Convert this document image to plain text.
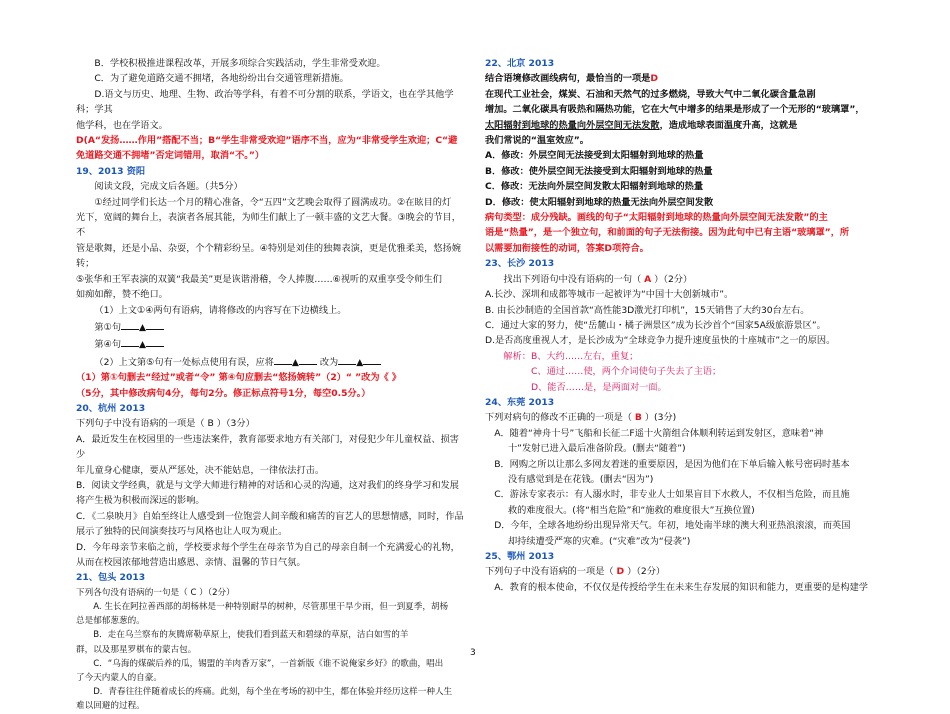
B．学校积极推进课程改革，开展多项综合实践活动，学生非常受欢迎。

C．为了避免道路交通不拥堵，各地纷纷出台交通管理新措施。

D.语文与历史、地理、生物、政治等学科，有着不可分割的联系，学语文，也在学其他学科；学其

他学科，也在学语文。

D(A“发扬……作用”搭配不当；B“学生非常受欢迎”语序不当，应为“非常受学生欢迎；C“避

免道路交通不拥堵”否定词错用，取消“不。”）

19、2013 资阳

阅读文段，完成文后各题。（共5分）

①经过同学们长达一个月的精心准备，令“五四”文艺晚会取得了圆满成功。②在眩目的灯

光下，宽阔的舞台上，表演者各展其能，为师生们献上了一顿丰盛的文艺大餐。③晚会的节目，不

管是歌舞，还是小品、杂耍，个个精彩纷呈。④特别是刘佳的独舞表演，更是优雅柔美，悠扬婉转；

⑤张华和王军表演的双簧“我最美”更是诙谐滑稽，令人捧腹……⑥视听的双重享受令师生们

如痴如醉，赞不绝口。

（1）上文①④两句有语病，请将修改的内容写在下边横线上。

第①句 ▲

第④句 ▲

（2）上文第⑤句有一处标点使用有误，应将 ▲ 改为 ▲

（1）第①句删去“经过”或者“令” 第④句应删去“悠扬婉转”（2）“ ”改为《 》

（5分，其中修改病句4分，每句2分。修正标点符号1分，每空0.5分。）

20、杭州 2013

下列句子中没有语病的一项是（ B ）（3分）

A．最近发生在校园里的一些违法案件，教育部要求地方有关部门，对侵犯少年儿童权益、损害少

年儿童身心健康，要从严惩处，决不能姑息，一律依法打击。

B．阅读文学经典，就是与文学大师进行精神的对话和心灵的沟通，这对我们的终身学习和发展

将产生极为积极而深远的影响。

C．《二泉映月》自始至终让人感受到一位饱尝人间辛酸和痛苦的盲艺人的思想情感，同时，作品

展示了独特的民间演奏技巧与风格也让人叹为观止。

D．今年母亲节来临之前，学校要求每个学生在母亲节为自己的母亲自制一个充满爱心的礼物，

从而在校园浓郁地营造出感恩、亲情、温馨的节日气氛。

21、包头 2013

下列各句没有语病的一句是（ C ）（2分）

A. 生长在阿拉善西部的胡杨林是一种特别耐旱的树种，尽管那里干旱少雨，但一到夏季，胡杨

总是郁郁葱葱的。

B．走在乌兰察布的灰腾席勒草原上，使我们看到蓝天和碧绿的草原，洁白如雪的羊

群，以及那星罗棋布的蒙古包。

C．“乌海的煤碳后养的瓜，锡盟的羊肉香万家”，一首新版《谁不说俺家乡好》的歌曲，唱出

了今天内蒙人的自豪。

D．青春往往伴随着成长的疼痛。此刻，每个坐在考场的初中生，都在体验并经历这样一种人生

难以回避的过程。

22、北京 2013

结合语境修改画线病句，最恰当的一项是D

在现代工业社会，煤炭、石油和天然气的过多燃烧，导致大气中二氧化碳含量急剧

增加。二氧化碳具有吸热和隔热功能，它在大气中增多的结果是形成了一个无形的“玻璃罩”，

太阳辐射到地球的热量向外层空间无法发散，造成地球表面温度升高，这就是

我们常说的“温室效应”。

A．修改：外层空间无法接受到太阳辐射到地球的热量

B．修改：使外层空间无法接受到太阳辐射到地球的热量

C．修改：无法向外层空间发散太阳辐射到地球的热量

D．修改：使太阳辐射到地球的热量无法向外层空间发散

病句类型：成分残缺。画线的句子“太阳辐射到地球的热量向外层空间无法发散”的主

语是“热量”，是一个独立句，和前面的句子无法衔接。因为此句中已有主语“玻璃罩”，所

以需要加衔接性的动词，答案D项符合。

23、长沙 2013

找出下列语句中没有语病的一句（ A ）（2分）

A.长沙、深圳和成都等城市一起被评为“中国十大创新城市”。

B. 由长沙制造的全国首款“高性能3D激光打印机”，15天销售了大约30台左右。

C．通过大家的努力，使“岳麓山・橘子洲景区”成为长沙首个“国家5A级旅游景区”。

D.是否高度重视人才，是长沙成为“全球竞争力提升速度虽快的十座城市”之一的原因。

解析：B、大约……左右，重复；

C、通过……使，两个介词使句子失去了主语；

D、能否……是，是两面对一面。

24、东莞 2013

下列对病句的修改不正确的一项是（ B ）(3分)

A．随着“神舟十号”飞船和长征二F遥十火箭组合体顺利转运到发射区，意味着“神

十”发射已进入最后准备阶段。(删去“随着”)

B．网购之所以让那么多网友着迷的重要原因，是因为他们在下单后输入帐号密码时基本

没有感觉到是在花钱。(删去“因为”)

C．游泳专家表示：有人溺水时，非专业人士如果盲目下水救人，不仅相当危险，而且施

救的难度很大。(将“相当危险”和“施救的难度很大”互换位置)

D．今年，全球各地纷纷出现异常天气。年初，地处南半球的澳大利亚热浪滚滚，而英国

却持续遭受严寒的灾难。(“灾难”改为“侵袭”)

25、鄂州 2013

下列句子中没有语病的一项是（ D ）（2分）

A．教育的根本使命，不仅仅是传授给学生在未来生存发展的知识和能力，更重要的是构建学

3
